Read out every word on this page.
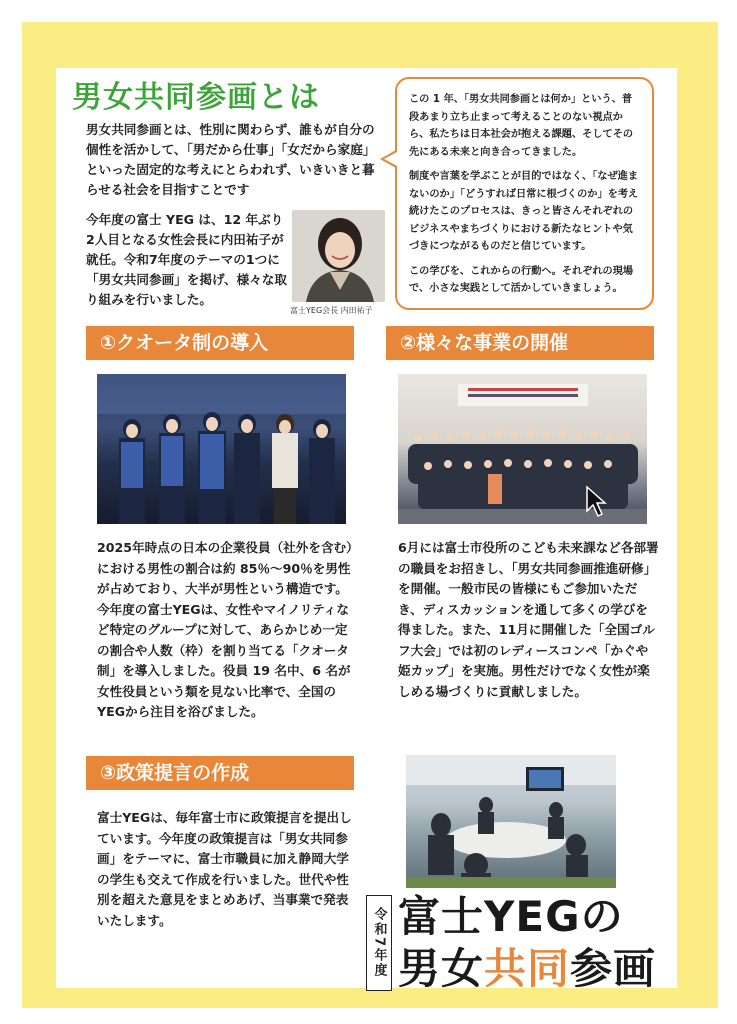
男女共同参画とは

男女共同参画とは、性別に関わらず、誰もが自分の個性を活かして、「男だから仕事」「女だから家庭」といった固定的な考えにとらわれず、いきいきと暮らせる社会を目指すことです

今年度の富士 YEG は、12 年ぶり2人目となる女性会長に内田祐子が就任。令和7年度のテーマの1つに「男女共同参画」を掲げ、様々な取り組みを行いました。

富士YEG会長 内田祐子

この 1 年、「男女共同参画とは何か」という、普段あまり立ち止まって考えることのない視点から、私たちは日本社会が抱える課題、そしてその先にある未来と向き合ってきました。

制度や言葉を学ぶことが目的ではなく、「なぜ進まないのか」「どうすれば日常に根づくのか」を考え続けたこのプロセスは、きっと皆さんそれぞれのビジネスやまちづくりにおける新たなヒントや気づきにつながるものだと信じています。

この学びを、これからの行動へ。それぞれの現場で、小さな実践として活かしていきましょう。

①クオータ制の導入

2025年時点の日本の企業役員（社外を含む）における男性の割合は約 85％～90％を男性が占めており、大半が男性という構造です。今年度の富士YEGは、女性やマイノリティなど特定のグループに対して、あらかじめ一定の割合や人数（枠）を割り当てる「クオータ制」を導入しました。役員 19 名中、6 名が女性役員という類を見ない比率で、全国のYEGから注目を浴びました。

②様々な事業の開催

6月には富士市役所のこども未来課など各部署の職員をお招きし、「男女共同参画推進研修」を開催。一般市民の皆様にもご参加いただき、ディスカッションを通して多くの学びを得ました。また、11月に開催した「全国ゴルフ大会」では初のレディースコンペ「かぐや姫カップ」を実施。男性だけでなく女性が楽しめる場づくりに貢献しました。

③政策提言の作成

富士YEGは、毎年富士市に政策提言を提出しています。今年度の政策提言は「男女共同参画」をテーマに、富士市職員に加え静岡大学の学生も交えて作成を行いました。世代や性別を超えた意見をまとめあげ、当事業で発表いたします。	令和7年度 富士YEGの
男女共同参画
